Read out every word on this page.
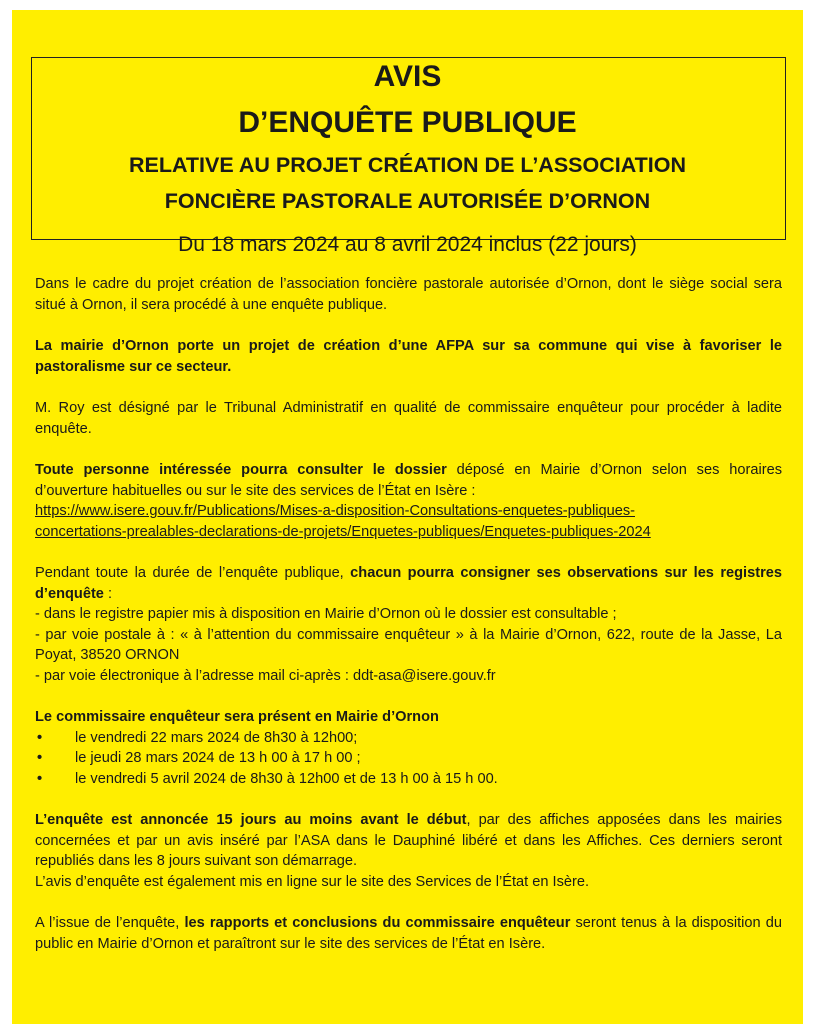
AVIS
D’ENQUÊTE PUBLIQUE
RELATIVE AU PROJET CRÉATION DE L’ASSOCIATION
FONCIÈRE PASTORALE AUTORISÉE D’ORNON
Du 18 mars 2024 au 8 avril 2024 inclus (22 jours)

Dans le cadre du projet création de l’association foncière pastorale autorisée d’Ornon, dont le siège social sera situé à Ornon, il sera procédé à une enquête publique.

La mairie d’Ornon porte un projet de création d’une AFPA sur sa commune qui vise à favoriser le pastoralisme sur ce secteur.

M. Roy est désigné par le Tribunal Administratif en qualité de commissaire enquêteur pour procéder à ladite enquête.

Toute personne intéressée pourra consulter le dossier déposé en Mairie d’Ornon selon ses horaires d’ouverture habituelles ou sur le site des services de l’État en Isère :
https://www.isere.gouv.fr/Publications/Mises-a-disposition-Consultations-enquetes-publiques-
concertations-prealables-declarations-de-projets/Enquetes-publiques/Enquetes-publiques-2024

Pendant toute la durée de l’enquête publique, chacun pourra consigner ses observations sur les registres d’enquête :

- dans le registre papier mis à disposition en Mairie d’Ornon où le dossier est consultable ;

- par voie postale à : « à l’attention du commissaire enquêteur » à la Mairie d’Ornon, 622, route de la Jasse, La Poyat, 38520 ORNON

- par voie électronique à l’adresse mail ci-après : ddt-asa@isere.gouv.fr

Le commissaire enquêteur sera présent en Mairie d’Ornon

• le vendredi 22 mars 2024 de 8h30 à 12h00;
• le jeudi 28 mars 2024 de 13 h 00 à 17 h 00 ;
• le vendredi 5 avril 2024 de 8h30 à 12h00 et de 13 h 00 à 15 h 00.

L’enquête est annoncée 15 jours au moins avant le début, par des affiches apposées dans les mairies concernées et par un avis inséré par l’ASA dans le Dauphiné libéré et dans les Affiches. Ces derniers seront republiés dans les 8 jours suivant son démarrage.
L’avis d’enquête est également mis en ligne sur le site des Services de l’État en Isère.

A l’issue de l’enquête, les rapports et conclusions du commissaire enquêteur seront tenus à la disposition du public en Mairie d’Ornon et paraîtront sur le site des services de l’État en Isère.
